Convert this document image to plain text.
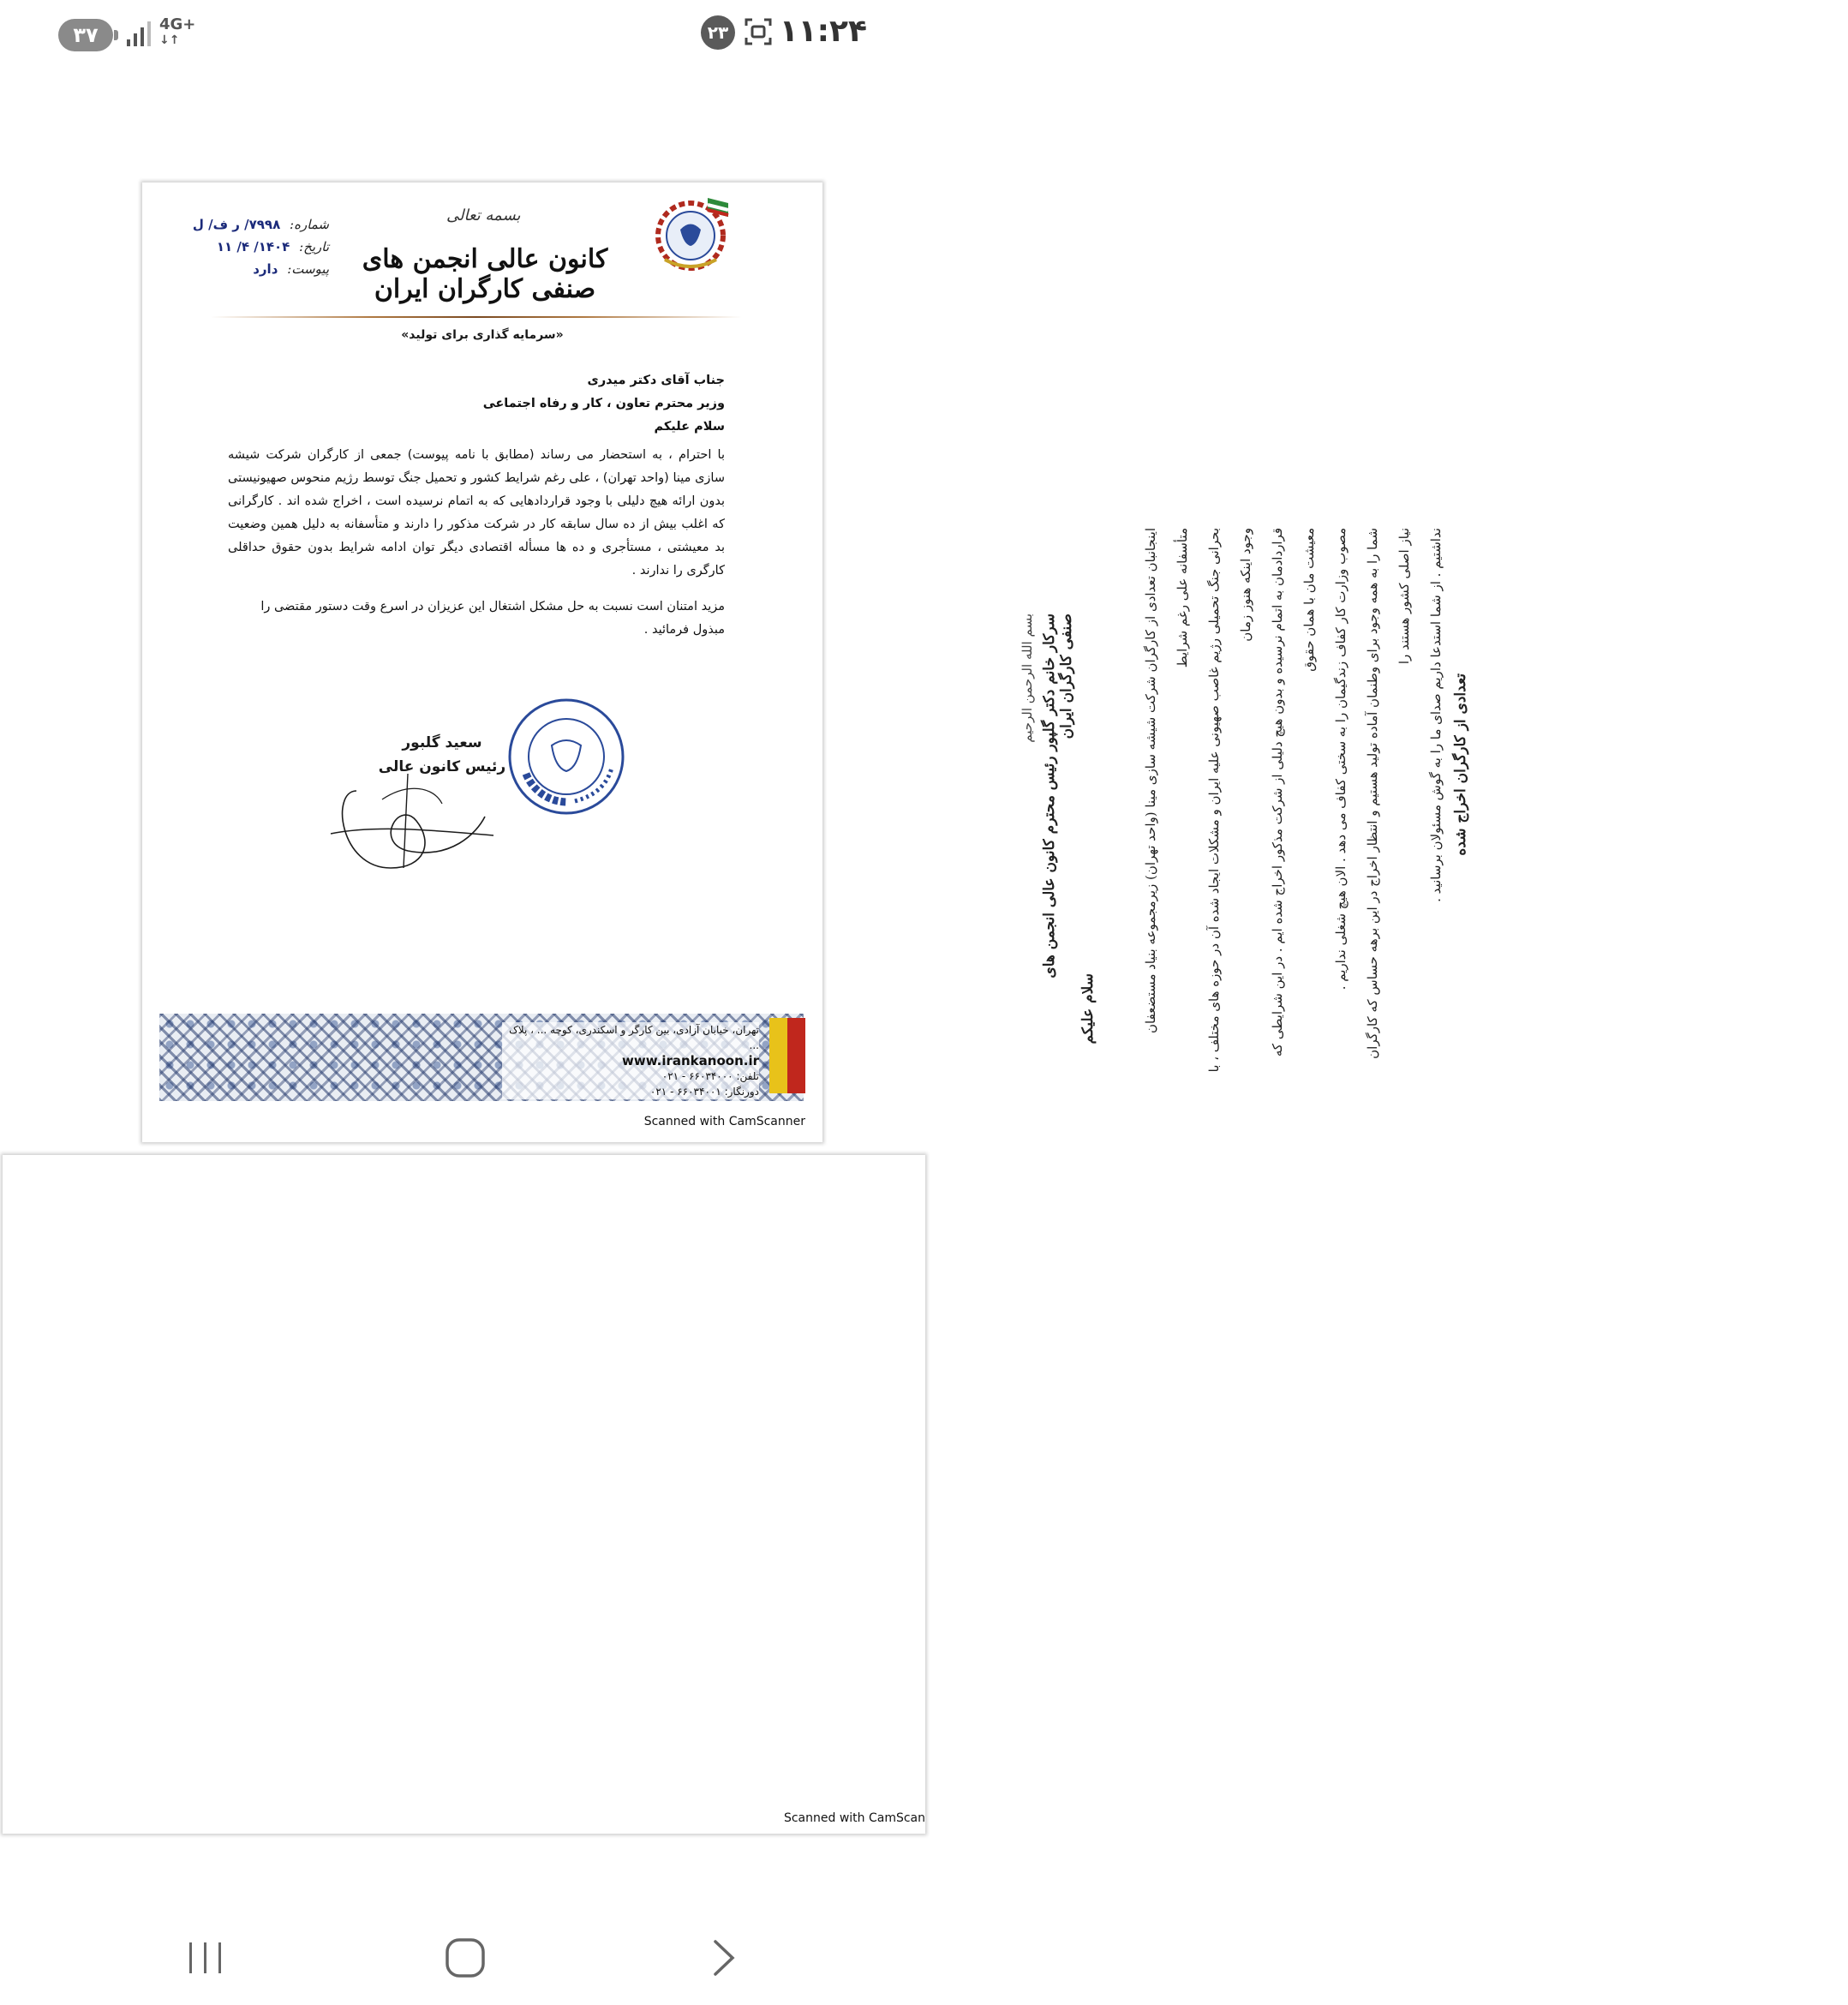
۳۷	4G+
↓↑	۲۳ ۱۱:۲۴
بسمه تعالی
کانون عالی انجمن های صنفی کارگران ایران
شماره: ۷۹۹۸/ ر ف/ ل
تاریخ: ۱۴۰۴/ ۴/ ۱۱
پیوست: دارد
«سرمایه گذاری برای تولید»

جناب آقای دکتر میدری

وزیر محترم تعاون ، کار و رفاه اجتماعی

سلام علیکم

با احترام ، به استحضار می رساند (مطابق با نامه پیوست) جمعی از کارگران شرکت شیشه سازی مینا (واحد تهران) ، علی رغم شرایط کشور و تحمیل جنگ توسط رژیم منحوس صهیونیستی بدون ارائه هیچ دلیلی با وجود قراردادهایی که به اتمام نرسیده است ، اخراج شده اند . کارگرانی که اغلب بیش از ده سال سابقه کار در شرکت مذکور را دارند و متأسفانه به دلیل همین وضعیت بد معیشتی ، مستأجری و ده ها مسأله اقتصادی دیگر توان ادامه شرایط بدون حقوق حداقلی کارگری را ندارند .

مزید امتنان است نسبت به حل مشکل اشتغال این عزیزان در اسرع وقت دستور مقتضی را مبذول فرمائید .

سعید گلبور
رئیس کانون عالی
تهران، خیابان آزادی، بین کارگر و اسکندری، کوچه ... ، پلاک ...
www.irankanoon.ir
تلفن: ۶۶۰۳۴۰۰۰ - ۰۲۱
دورنگار: ۶۶۰۳۴۰۰۱ - ۰۲۱
Scanned with CamScanner
بسم الله الرحمن الرحیم سرکار خانم دکتر گلپور رئیس محترم کانون عالی انجمن های صنفی کارگران ایران
سلام علیکم	اینجانبان تعدادی از کارگران شرکت شیشه سازی مینا (واحد تهران) زیرمجموعه بنیاد مستضعفان متأسفانه علی رغم شرایط	بحرانی جنگ تحمیلی رژیم غاصب صهیونی علیه ایران و مشکلات ایجاد شده آن در حوزه های مختلف ، با وجود اینکه هنوز زمان	قراردادمان به اتمام نرسیده و بدون هیچ دلیلی از شرکت مذکور اخراج شده ایم . در این شرایطی که معیشت مان با همان حقوق	مصوب وزارت کار کفاف زندگیمان را به سختی کفاف می دهد . الان هیچ شغلی نداریم .	شما را به همه وجود برای وطنمان آماده تولید هستیم و انتظار اخراج در این برهه حساس که کارگران نیاز اصلی کشور هستند را	نداشتیم . از شما استدعا داریم صدای ما را به گوش مسئولان برسانید . تعدادی از کارگران اخراج شده
Scanned with CamScan
